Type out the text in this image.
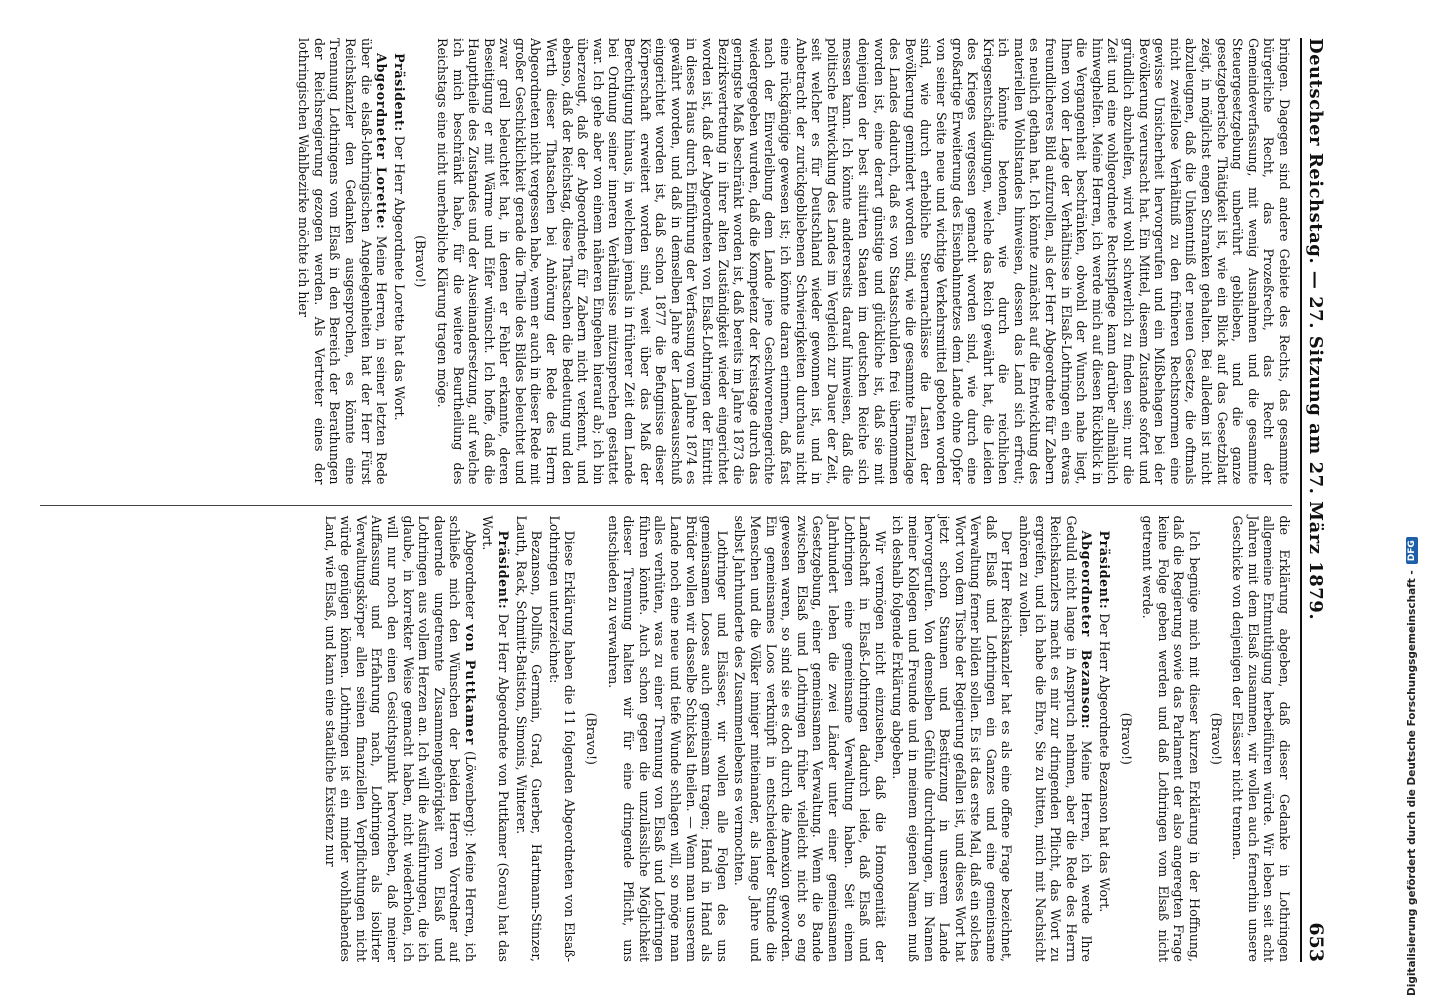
Deutscher Reichstag. — 27. Sitzung am 27. März 1879.
653

bringen. Dagegen sind andere Gebiete des Rechts, das gesammte bürgerliche Recht, das Prozeßrecht, das Recht der Gemeindeverfassung, mit wenig Ausnahmen und die gesammte Steuergesetzgebung unberührt geblieben, und die ganze gesetzgeberische Thätigkeit ist, wie ein Blick auf das Gesetzblatt zeigt, in möglichst engen Schranken gehalten. Bei alledem ist nicht abzuleugnen, daß die Unkenntniß der neuen Gesetze, die oftmals nicht zweifellose Verhältniß zu den früheren Rechtsnormen eine gewisse Unsicherheit hervorgerufen und ein Mißbehagen bei der Bevölkerung verursacht hat. Ein Mittel, diesem Zustande sofort und gründlich abzuhelfen, wird wohl schwerlich zu finden sein; nur die Zeit und eine wohlgeordnete Rechtspflege kann darüber allmählich hinweghelfen. Meine Herren, ich werde mich auf diesen Rückblick in die Vergangenheit beschränken, obwohl der Wunsch nahe liegt, Ihnen von der Lage der Verhältnisse in Elsaß-Lothringen ein etwas freundlicheres Bild aufzurollen, als der Herr Abgeordnete für Zabern es neulich gethan hat. Ich könnte zunächst auf die Entwicklung des materiellen Wohlstandes hinweisen, dessen das Land sich erfreut; ich könnte betonen, wie durch die reichlichen Kriegsentschädigungen, welche das Reich gewährt hat, die Leiden des Krieges vergessen gemacht worden sind, wie durch eine großartige Erweiterung des Eisenbahnnetzes dem Lande ohne Opfer von seiner Seite neue und wichtige Verkehrsmittel geboten worden sind, wie durch erhebliche Steuernachlässe die Lasten der Bevölkerung gemindert worden sind, wie die gesammte Finanzlage des Landes dadurch, daß es von Staatsschulden frei übernommen worden ist, eine derart günstige und glückliche ist, daß sie mit denjenigen der best situirten Staaten im deutschen Reiche sich messen kann. Ich könnte andererseits darauf hinweisen, daß die politische Entwicklung des Landes im Vergleich zur Dauer der Zeit, seit welcher es für Deutschland wieder gewonnen ist, und in Anbetracht der zurückgebliebenen Schwierigkeiten durchaus nicht eine rückgängige gewesen ist; ich könnte daran erinnern, daß fast nach der Einverleibung dem Lande jene Geschworenengerichte wiedergegeben wurden, daß die Kompetenz der Kreistage durch das geringste Maß beschränkt worden ist, daß bereits im Jahre 1873 die Bezirksvertretung in ihrer alten Zuständigkeit wieder eingerichtet worden ist, daß der Abgeordneten von Elsaß-Lothringen der Eintritt in dieses Haus durch Einführung der Verfassung vom Jahre 1874 es gewährt worden, und daß in demselben Jahre der Landesausschuß eingerichtet worden ist, daß schon 1877 die Befugnisse dieser Körperschaft erweitert worden sind, weit über das Maß der Berechtigung hinaus, in welchem jemals in früherer Zeit dem Lande bei Ordnung seiner inneren Verhältnisse mitzusprechen gestattet war. Ich gehe aber von einem näheren Eingehen hierauf ab; ich bin überzeugt, daß der Abgeordnete für Zabern nicht verkennt, und ebenso, daß der Reichstag, diese Thatsachen die Bedeutung und den Werth dieser Thatsachen bei Anhörung der Rede des Herrn Abgeordneten nicht vergessen habe, wenn er auch in dieser Rede mit großer Geschicklichkeit gerade die Theile des Bildes beleuchtet und zwar grell beleuchtet hat, in denen er Fehler erkannte, deren Beseitigung er mit Wärme und Eifer wünscht. Ich hoffe, daß die Haupttheile des Zustandes und der Auseinandersetzung, auf welche ich mich beschränkt habe, für die weitere Beurtheilung des Reichstags eine nicht unerhebliche Klärung tragen möge.

(Bravo!)

Präsident: Der Herr Abgeordnete Lorette hat das Wort.

Abgeordneter Lorette: Meine Herren, in seiner letzten Rede über die elsaß-lothringischen Angelegenheiten hat der Herr Fürst Reichskanzler den Gedanken ausgesprochen, es könnte eine Trennung Lothringens vom Elsaß in den Bereich der Berathungen der Reichsregierung gezogen werden. Als Vertreter eines der lothringischen Wahlbezirke möchte ich hier

die Erklärung abgeben, daß dieser Gedanke in Lothringen allgemeine Entmuthigung herbeiführen würde. Wir leben seit acht Jahren mit dem Elsaß zusammen, wir wollen auch fernerhin unsere Geschicke von denjenigen der Elsässer nicht trennen.

(Bravo!)

Ich begnüge mich mit dieser kurzen Erklärung in der Hoffnung, daß die Regierung sowie das Parlament der also angeregten Frage keine Folge geben werden und daß Lothringen vom Elsaß nicht getrennt werde.

(Bravo!)

Präsident: Der Herr Abgeordnete Bezanson hat das Wort.

Abgeordneter Bezanson: Meine Herren, ich werde Ihre Geduld nicht lange in Anspruch nehmen, aber die Rede des Herrn Reichskanzlers macht es mir zur dringenden Pflicht, das Wort zu ergreifen, und ich habe die Ehre, Sie zu bitten, mich mit Nachsicht anhören zu wollen.

Der Herr Reichskanzler hat es als eine offene Frage bezeichnet, daß Elsaß und Lothringen ein Ganzes und eine gemeinsame Verwaltung ferner bilden sollen. Es ist das erste Mal, daß ein solches Wort von dem Tische der Regierung gefallen ist, und dieses Wort hat jetzt schon Staunen und Bestürzung in unserem Lande hervorgerufen. Von demselben Gefühle durchdrungen, im Namen meiner Kollegen und Freunde und in meinem eigenen Namen muß ich deshalb folgende Erklärung abgeben.

Wir vermögen nicht einzusehen, daß die Homogenität der Landschaft in Elsaß-Lothringen dadurch leide, daß Elsaß und Lothringen eine gemeinsame Verwaltung haben. Seit einem Jahrhundert leben die zwei Länder unter einer gemeinsamen Gesetzgebung, einer gemeinsamen Verwaltung. Wenn die Bande zwischen Elsaß und Lothringen früher vielleicht nicht so eng gewesen waren, so sind sie es doch durch die Annexion geworden. Ein gemeinsames Loos verknüpft in entscheidender Stunde die Menschen und die Völker inniger miteinander, als lange Jahre und selbst Jahrhunderte des Zusammenlebens es vermochten.

Lothringer und Elsässer, wir wollen alle Folgen des uns gemeinsamen Looses auch gemeinsam tragen; Hand in Hand als Brüder wollen wir dasselbe Schicksal theilen. — Wenn man unserem Lande noch eine neue und tiefe Wunde schlagen will, so möge man alles verhüten, was zu einer Trennung von Elsaß und Lothringen führen könnte. Auch schon gegen die unzulässliche Möglichkeit dieser Trennung halten wir für eine dringende Pflicht, uns entschieden zu verwahren.

(Bravo!)

Diese Erklärung haben die 11 folgenden Abgeordneten von Elsaß-Lothringen unterzeichnet:

Bezanson, Dollfus, Germain, Grad, Guerber, Hartmann-Stinzer, Lauth, Rack, Schmitt-Batiston, Simonis, Winterer.

Präsident: Der Herr Abgeordnete von Puttkamer (Sorau) hat das Wort.

Abgeordneter von Puttkamer (Löwenberg): Meine Herren, ich schließe mich den Wünschen der beiden Herren Vorredner auf dauernde ungetrennte Zusammengehörigkeit von Elsaß und Lothringen aus vollem Herzen an. Ich will die Ausführungen, die ich glaube, in korrekter Weise gemacht haben, nicht wiederholen, ich will nur noch den einen Gesichtspunkt hervorheben, daß meiner Auffassung und Erfahrung nach, Lothringen als isolirter Verwaltungskörper allen seinen finanziellen Verpflichtungen nicht würde genügen können. Lothringen ist ein minder wohlhabendes Land, wie Elsaß, und kann eine staatliche Existenz nur	Digitalisierung gefördert durch die Deutsche Forschungsgemeinschaft -
DFG
